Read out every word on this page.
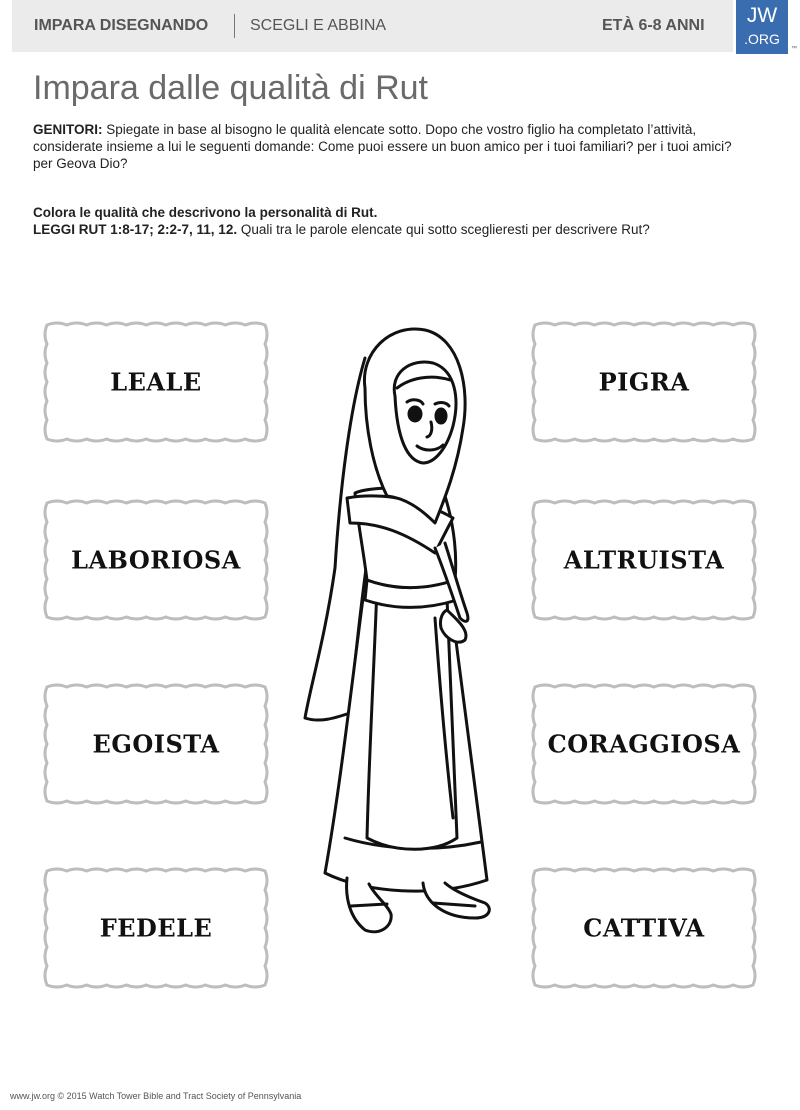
IMPARA DISEGNANDO	SCEGLI E ABBINA	ETÀ 6-8 ANNI	JW
.ORG
™
Impara dalle qualità di Rut

GENITORI: Spiegate in base al bisogno le qualità elencate sotto. Dopo che vostro figlio ha completato l’attività, considerate insieme a lui le seguenti domande: Come puoi essere un buon amico per i tuoi familiari? per i tuoi amici? per Geova Dio?

Colora le qualità che descrivono la personalità di Rut.

LEGGI RUT 1:8-17; 2:2-7, 11, 12. Quali tra le parole elencate qui sotto sceglieresti per descrivere Rut?

LEALE
LABORIOSA
EGOISTA
FEDELE
PIGRA
ALTRUISTA
CORAGGIOSA
CATTIVA
www.jw.org © 2015 Watch Tower Bible and Tract Society of Pennsylvania
